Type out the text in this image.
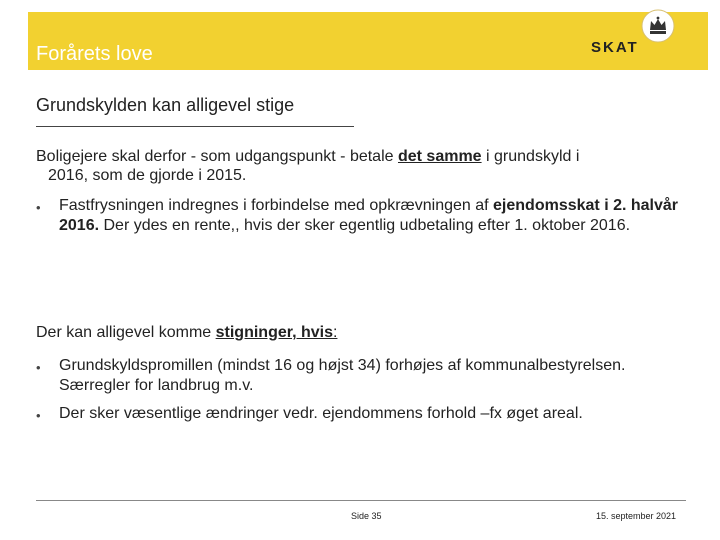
Forårets love	SKAT
Grundskylden kan alligevel stige
Boligejere skal derfor - som udgangspunkt - betale det samme i grundskyld i
2016, som de gjorde i 2015.
• Fastfrysningen indregnes i forbindelse med opkrævningen af ejendomsskat i 2. halvår 2016. Der ydes en rente,, hvis der sker egentlig udbetaling efter 1. oktober 2016.
Der kan alligevel komme stigninger, hvis:
• Grundskyldspromillen (mindst 16 og højst 34) forhøjes af kommunalbestyrelsen. Særregler for landbrug m.v.
• Der sker væsentlige ændringer vedr. ejendommens forhold –fx øget areal.
Side 35	15. september 2021
